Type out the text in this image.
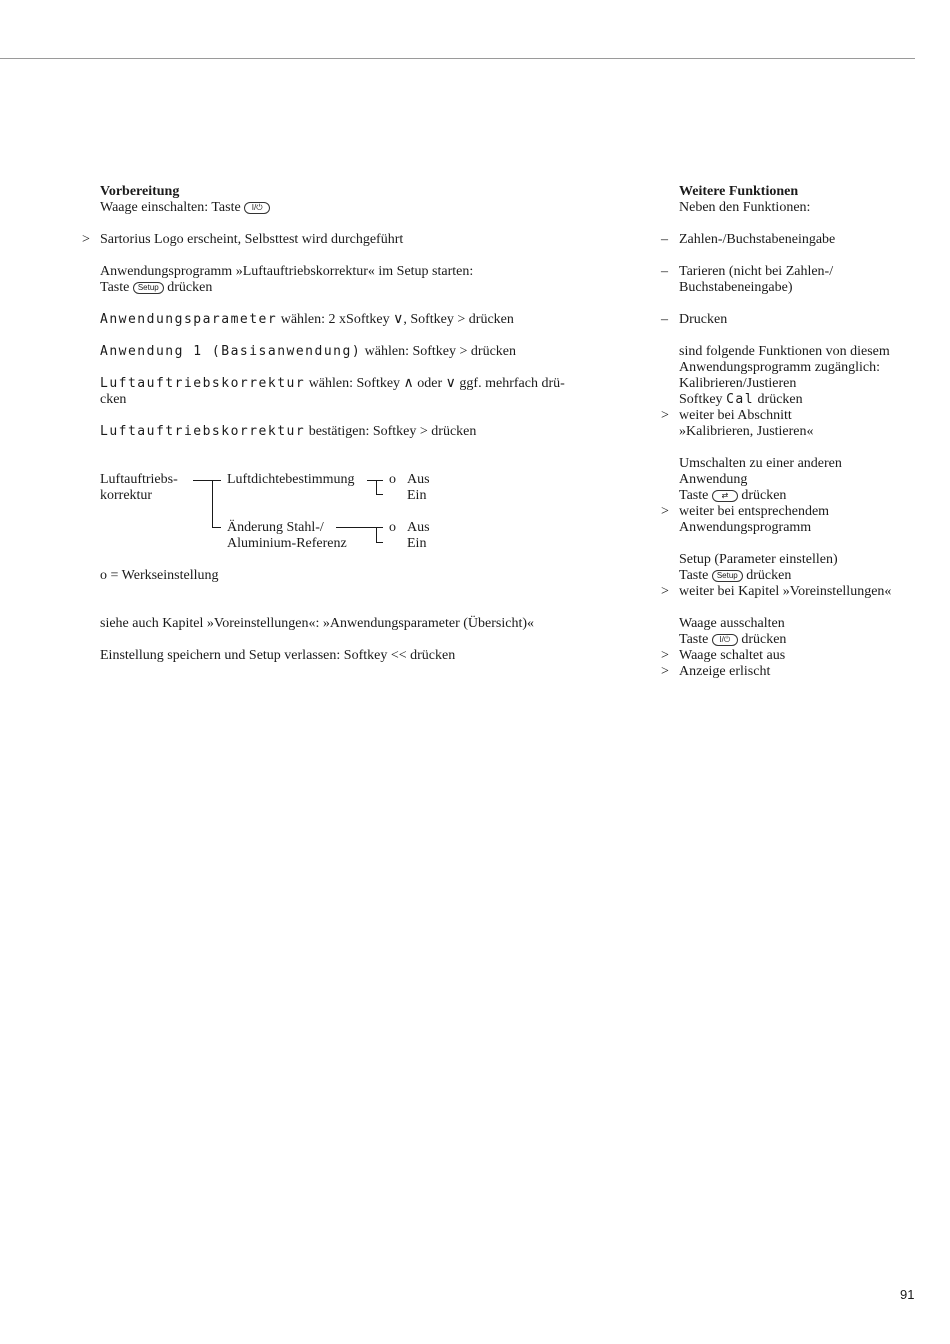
Vorbereitung
Waage einschalten: Taste I/⏻
> Sartorius Logo erscheint, Selbsttest wird durchgeführt
Anwendungsprogramm »Luftauftriebskorrektur« im Setup starten:
Taste Setup drücken
Anwendungsparameter wählen: 2 xSoftkey ∨, Softkey > drücken
Anwendung 1 (Basisanwendung) wählen: Softkey > drücken
Luftauftriebskorrektur wählen: Softkey ∧ oder ∨ ggf. mehrfach drü-
cken
Luftauftriebskorrektur bestätigen: Softkey > drücken
Luftauftriebs-
korrektur
Luftdichtebestimmung o Aus
Ein
Änderung Stahl-/
Aluminium-Referenz
o Aus
Ein
o = Werkseinstellung
siehe auch Kapitel »Voreinstellungen«: »Anwendungsparameter (Übersicht)«
Einstellung speichern und Setup verlassen: Softkey << drücken
Weitere Funktionen
Neben den Funktionen:
– Zahlen-/Buchstabeneingabe
– Tarieren (nicht bei Zahlen-/
Buchstabeneingabe)
– Drucken
sind folgende Funktionen von diesem
Anwendungsprogramm zugänglich:
Kalibrieren/Justieren
Softkey Cal drücken
> weiter bei Abschnitt
»Kalibrieren, Justieren«
Umschalten zu einer anderen
Anwendung
Taste ⇄ drücken
> weiter bei entsprechendem
Anwendungsprogramm
Setup (Parameter einstellen)
Taste Setup drücken
> weiter bei Kapitel »Voreinstellungen«
Waage ausschalten
Taste I/⏻ drücken
> Waage schaltet aus
> Anzeige erlischt
91
